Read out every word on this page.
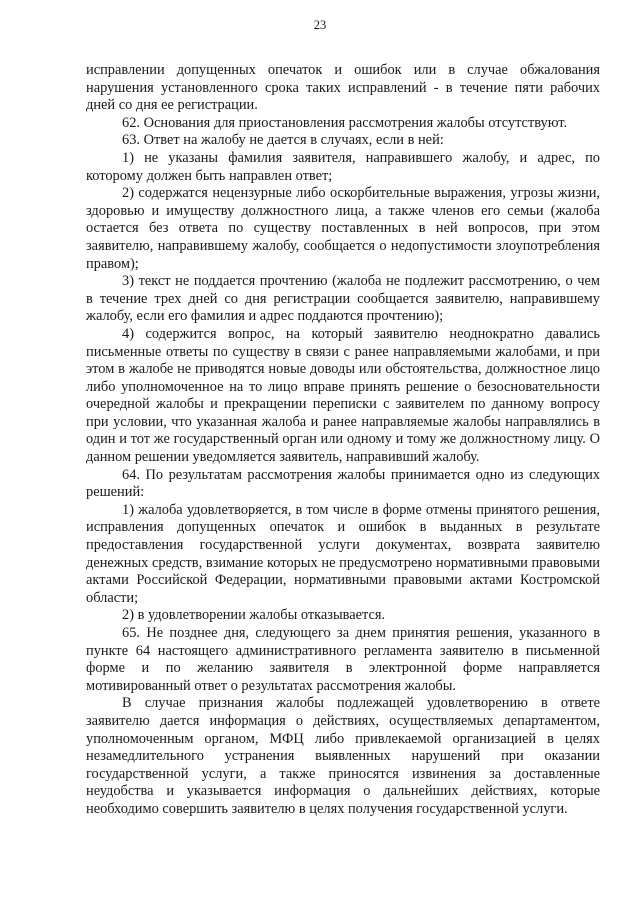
23

исправлении допущенных опечаток и ошибок или в случае обжалования нарушения установленного срока таких исправлений - в течение пяти рабочих дней со дня ее регистрации.

62. Основания для приостановления рассмотрения жалобы отсутствуют.

63. Ответ на жалобу не дается в случаях, если в ней:

1) не указаны фамилия заявителя, направившего жалобу, и адрес, по которому должен быть направлен ответ;

2) содержатся нецензурные либо оскорбительные выражения, угрозы жизни, здоровью и имуществу должностного лица, а также членов его семьи (жалоба остается без ответа по существу поставленных в ней вопросов, при этом заявителю, направившему жалобу, сообщается о недопустимости злоупотребления правом);

3) текст не поддается прочтению (жалоба не подлежит рассмотрению, о чем в течение трех дней со дня регистрации сообщается заявителю, направившему жалобу, если его фамилия и адрес поддаются прочтению);

4) содержится вопрос, на который заявителю неоднократно давались письменные ответы по существу в связи с ранее направляемыми жалобами, и при этом в жалобе не приводятся новые доводы или обстоятельства, должностное лицо либо уполномоченное на то лицо вправе принять решение о безосновательности очередной жалобы и прекращении переписки с заявителем по данному вопросу при условии, что указанная жалоба и ранее направляемые жалобы направлялись в один и тот же государственный орган или одному и тому же должностному лицу. О данном решении уведомляется заявитель, направивший жалобу.

64. По результатам рассмотрения жалобы принимается одно из следующих решений:

1) жалоба удовлетворяется, в том числе в форме отмены принятого решения, исправления допущенных опечаток и ошибок в выданных в результате предоставления государственной услуги документах, возврата заявителю денежных средств, взимание которых не предусмотрено нормативными правовыми актами Российской Федерации, нормативными правовыми актами Костромской области;

2) в удовлетворении жалобы отказывается.

65. Не позднее дня, следующего за днем принятия решения, указанного в пункте 64 настоящего административного регламента заявителю в письменной форме и по желанию заявителя в электронной форме направляется мотивированный ответ о результатах рассмотрения жалобы.

В случае признания жалобы подлежащей удовлетворению в ответе заявителю дается информация о действиях, осуществляемых департаментом, уполномоченным органом, МФЦ либо привлекаемой организацией в целях незамедлительного устранения выявленных нарушений при оказании государственной услуги, а также приносятся извинения за доставленные неудобства и указывается информация о дальнейших действиях, которые необходимо совершить заявителю в целях получения государственной услуги.
